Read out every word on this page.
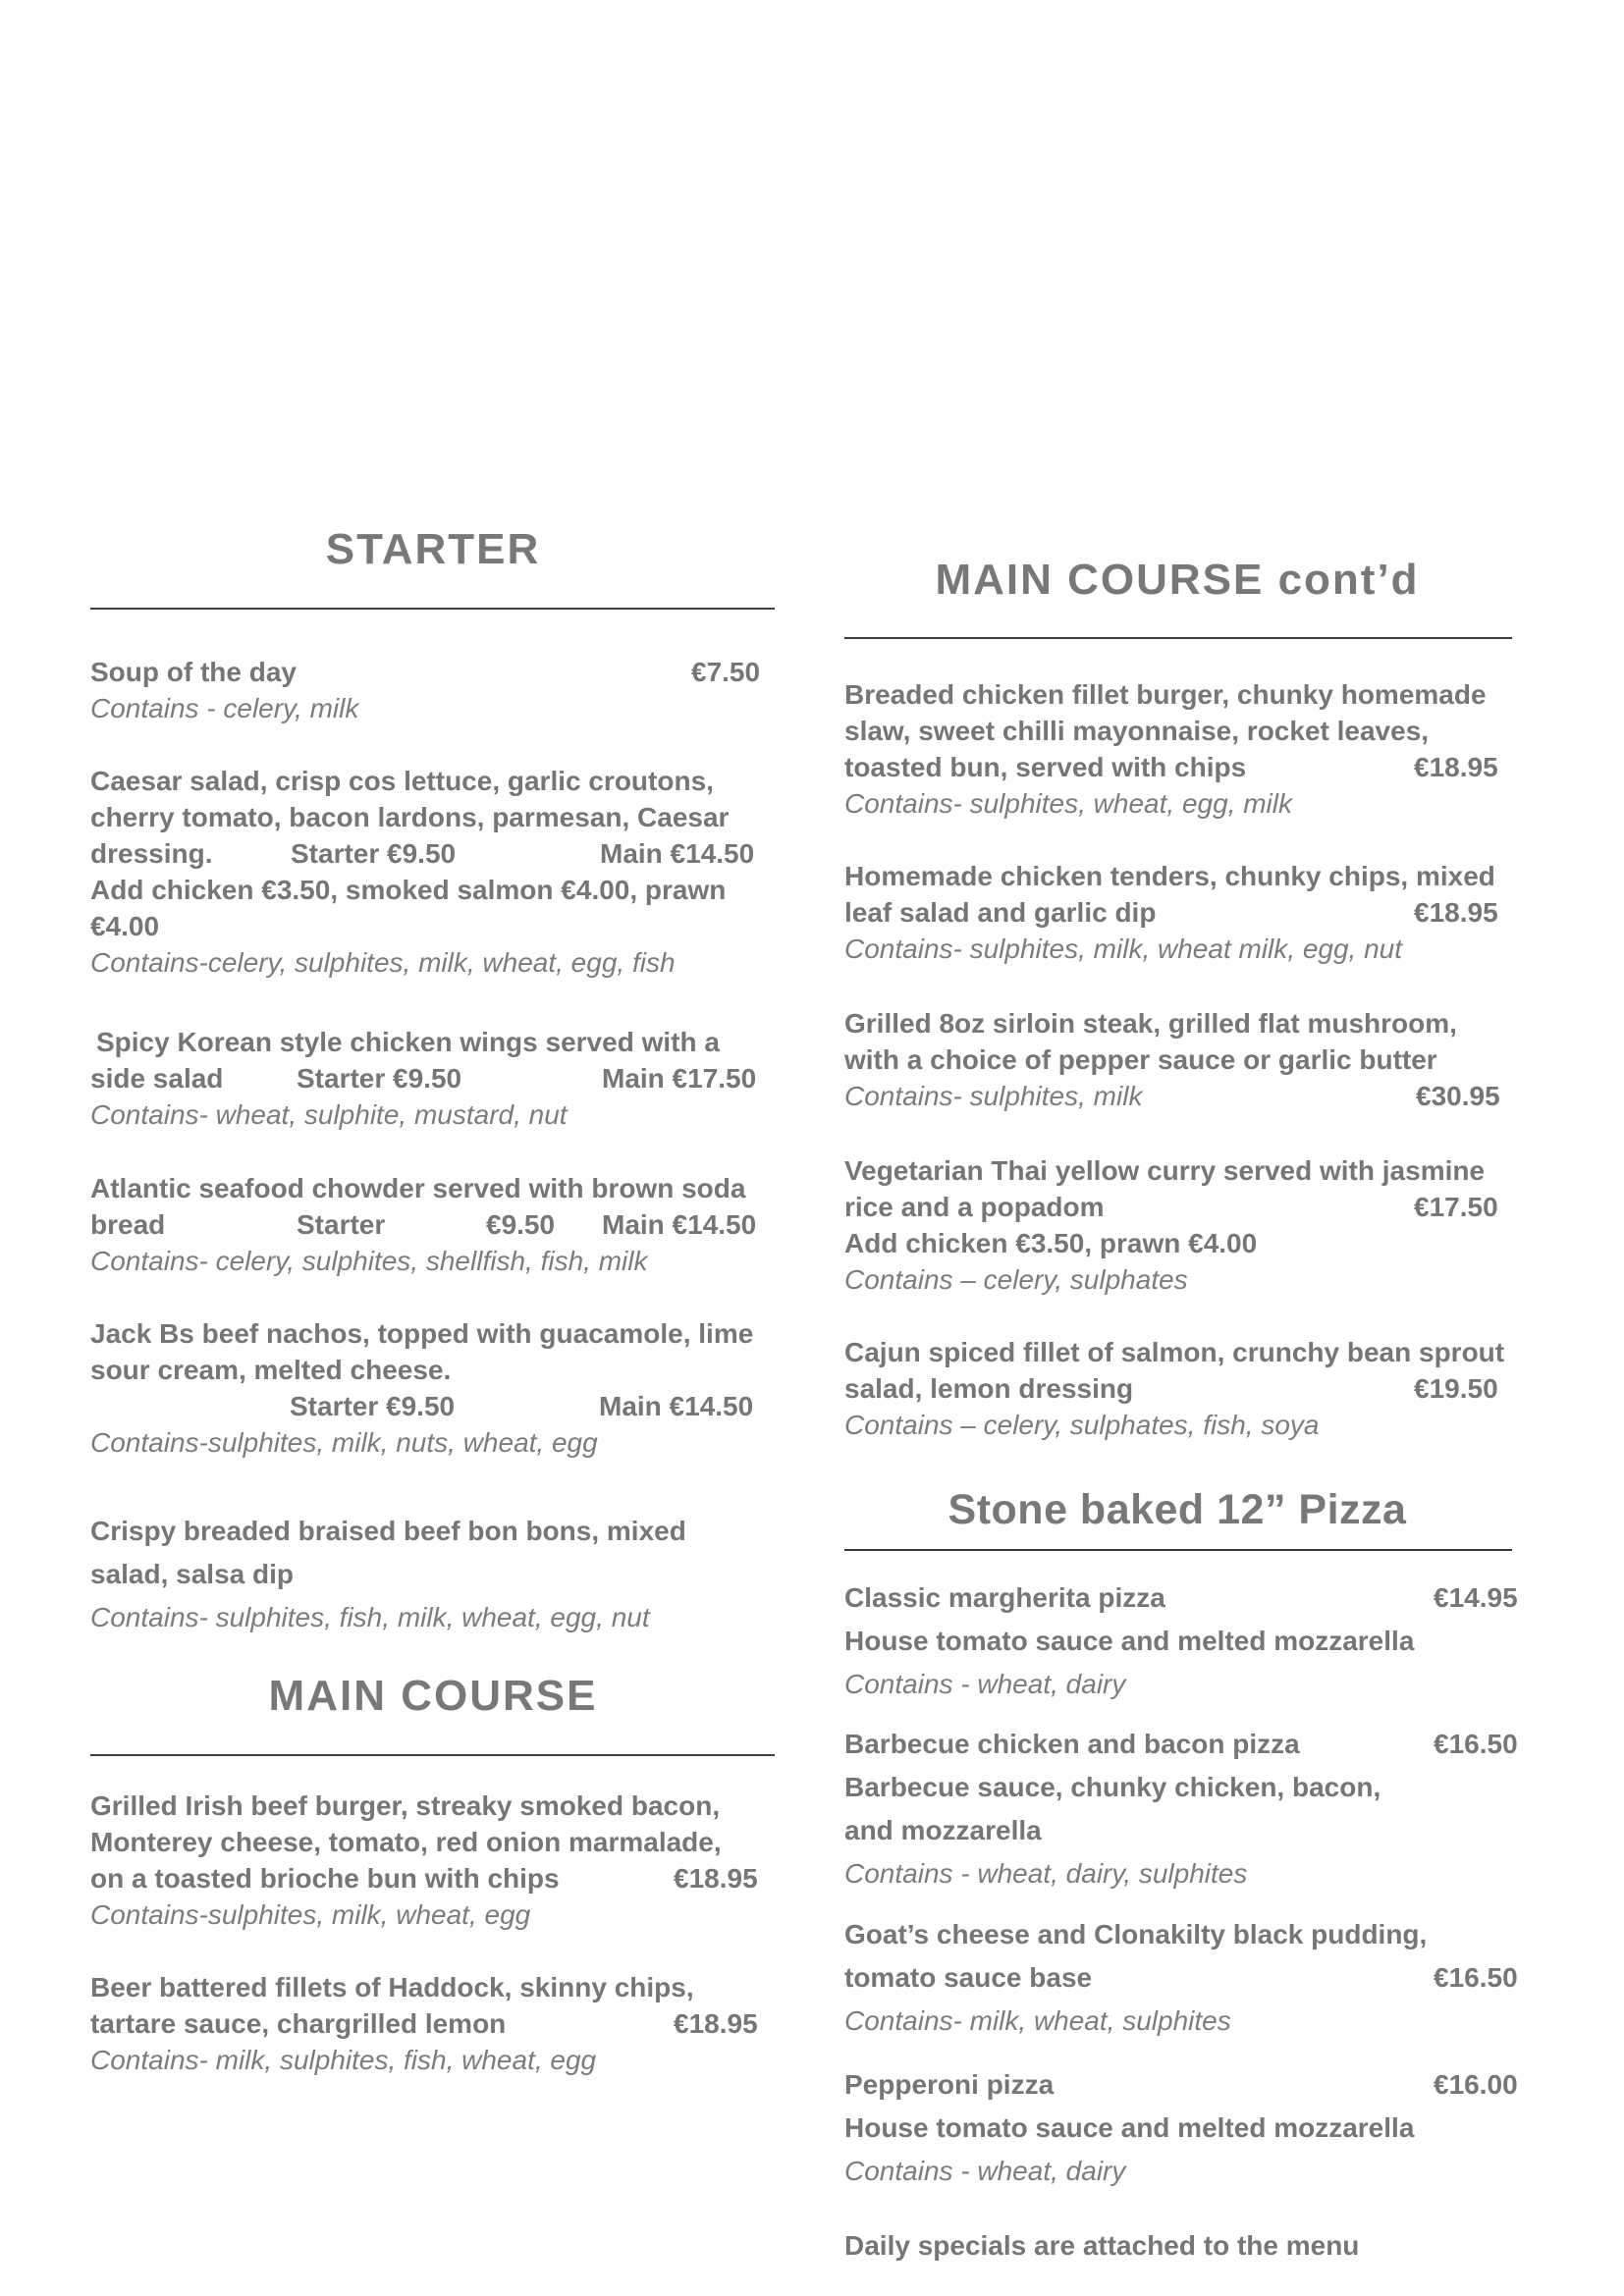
STARTER
Soup of the day	€7.50
Contains - celery, milk
Caesar salad, crisp cos lettuce, garlic croutons,
cherry tomato, bacon lardons, parmesan, Caesar
dressing.	Starter €9.50	Main €14.50
Add chicken €3.50, smoked salmon €4.00, prawn
€4.00
Contains-celery, sulphites, milk, wheat, egg, fish
Spicy Korean style chicken wings served with a
side salad	Starter €9.50	Main €17.50
Contains- wheat, sulphite, mustard, nut
Atlantic seafood chowder served with brown soda
bread	Starter	€9.50 Main €14.50
Contains- celery, sulphites, shellfish, fish, milk
Jack Bs beef nachos, topped with guacamole, lime
sour cream, melted cheese.
Starter €9.50	Main €14.50
Contains-sulphites, milk, nuts, wheat, egg
Crispy breaded braised beef bon bons, mixed
salad, salsa dip
Contains- sulphites, fish, milk, wheat, egg, nut
MAIN COURSE
Grilled Irish beef burger, streaky smoked bacon,
Monterey cheese, tomato, red onion marmalade,
on a toasted brioche bun with chips	€18.95
Contains-sulphites, milk, wheat, egg
Beer battered fillets of Haddock, skinny chips,
tartare sauce, chargrilled lemon	€18.95
Contains- milk, sulphites, fish, wheat, egg
MAIN COURSE cont’d
Breaded chicken fillet burger, chunky homemade
slaw, sweet chilli mayonnaise, rocket leaves,
toasted bun, served with chips	€18.95
Contains- sulphites, wheat, egg, milk
Homemade chicken tenders, chunky chips, mixed
leaf salad and garlic dip	€18.95
Contains- sulphites, milk, wheat milk, egg, nut
Grilled 8oz sirloin steak, grilled flat mushroom,
with a choice of pepper sauce or garlic butter
Contains- sulphites, milk	€30.95
Vegetarian Thai yellow curry served with jasmine
rice and a popadom	€17.50
Add chicken €3.50, prawn €4.00
Contains – celery, sulphates
Cajun spiced fillet of salmon, crunchy bean sprout
salad, lemon dressing	€19.50
Contains – celery, sulphates, fish, soya
Stone baked 12” Pizza
Classic margherita pizza	€14.95
House tomato sauce and melted mozzarella
Contains - wheat, dairy
Barbecue chicken and bacon pizza	€16.50
Barbecue sauce, chunky chicken, bacon,
and mozzarella
Contains - wheat, dairy, sulphites
Goat’s cheese and Clonakilty black pudding,
tomato sauce base	€16.50
Contains- milk, wheat, sulphites
Pepperoni pizza	€16.00
House tomato sauce and melted mozzarella
Contains - wheat, dairy
Daily specials are attached to the menu
